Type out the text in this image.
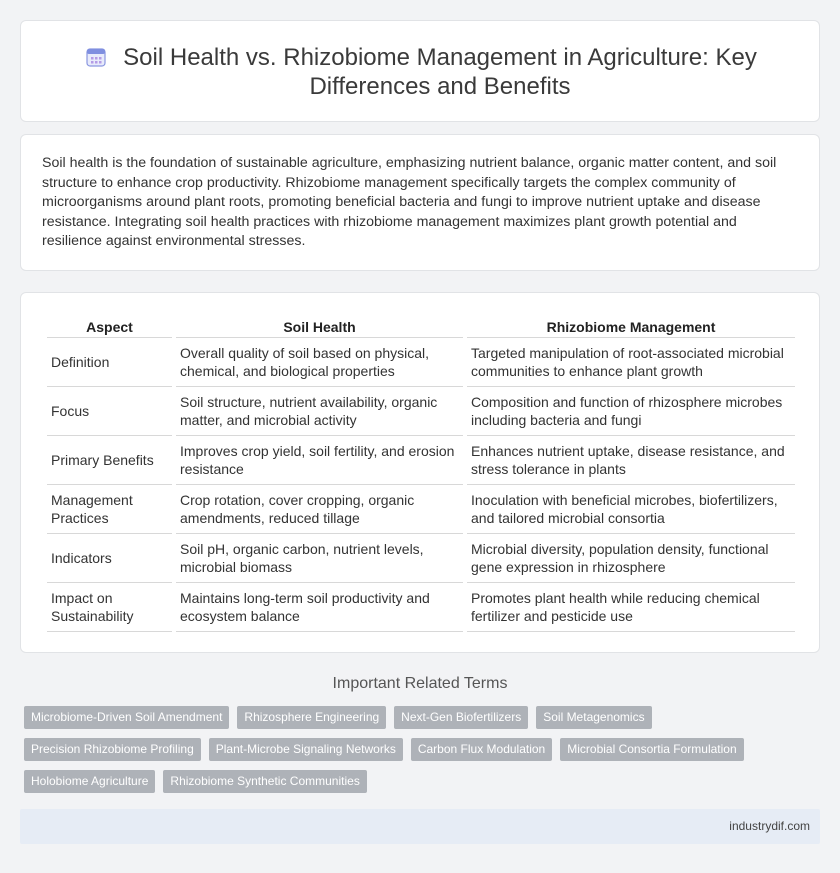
Soil Health vs. Rhizobiome Management in Agriculture: Key Differences and Benefits

Soil health is the foundation of sustainable agriculture, emphasizing nutrient balance, organic matter content, and soil structure to enhance crop productivity. Rhizobiome management specifically targets the complex community of microorganisms around plant roots, promoting beneficial bacteria and fungi to improve nutrient uptake and disease resistance. Integrating soil health practices with rhizobiome management maximizes plant growth potential and resilience against environmental stresses.

Aspect	Soil Health	Rhizobiome Management
Definition	Overall quality of soil based on physical, chemical, and biological properties	Targeted manipulation of root-associated microbial communities to enhance plant growth
Focus	Soil structure, nutrient availability, organic matter, and microbial activity	Composition and function of rhizosphere microbes including bacteria and fungi
Primary Benefits	Improves crop yield, soil fertility, and erosion resistance	Enhances nutrient uptake, disease resistance, and stress tolerance in plants
Management Practices	Crop rotation, cover cropping, organic amendments, reduced tillage	Inoculation with beneficial microbes, biofertilizers, and tailored microbial consortia
Indicators	Soil pH, organic carbon, nutrient levels, microbial biomass	Microbial diversity, population density, functional gene expression in rhizosphere
Impact on Sustainability	Maintains long-term soil productivity and ecosystem balance	Promotes plant health while reducing chemical fertilizer and pesticide use
Important Related Terms
Microbiome-Driven Soil Amendment	Rhizosphere Engineering	Next-Gen Biofertilizers	Soil Metagenomics
Precision Rhizobiome Profiling	Plant-Microbe Signaling Networks	Carbon Flux Modulation	Microbial Consortia Formulation
Holobiome Agriculture	Rhizobiome Synthetic Communities
industrydif.com
